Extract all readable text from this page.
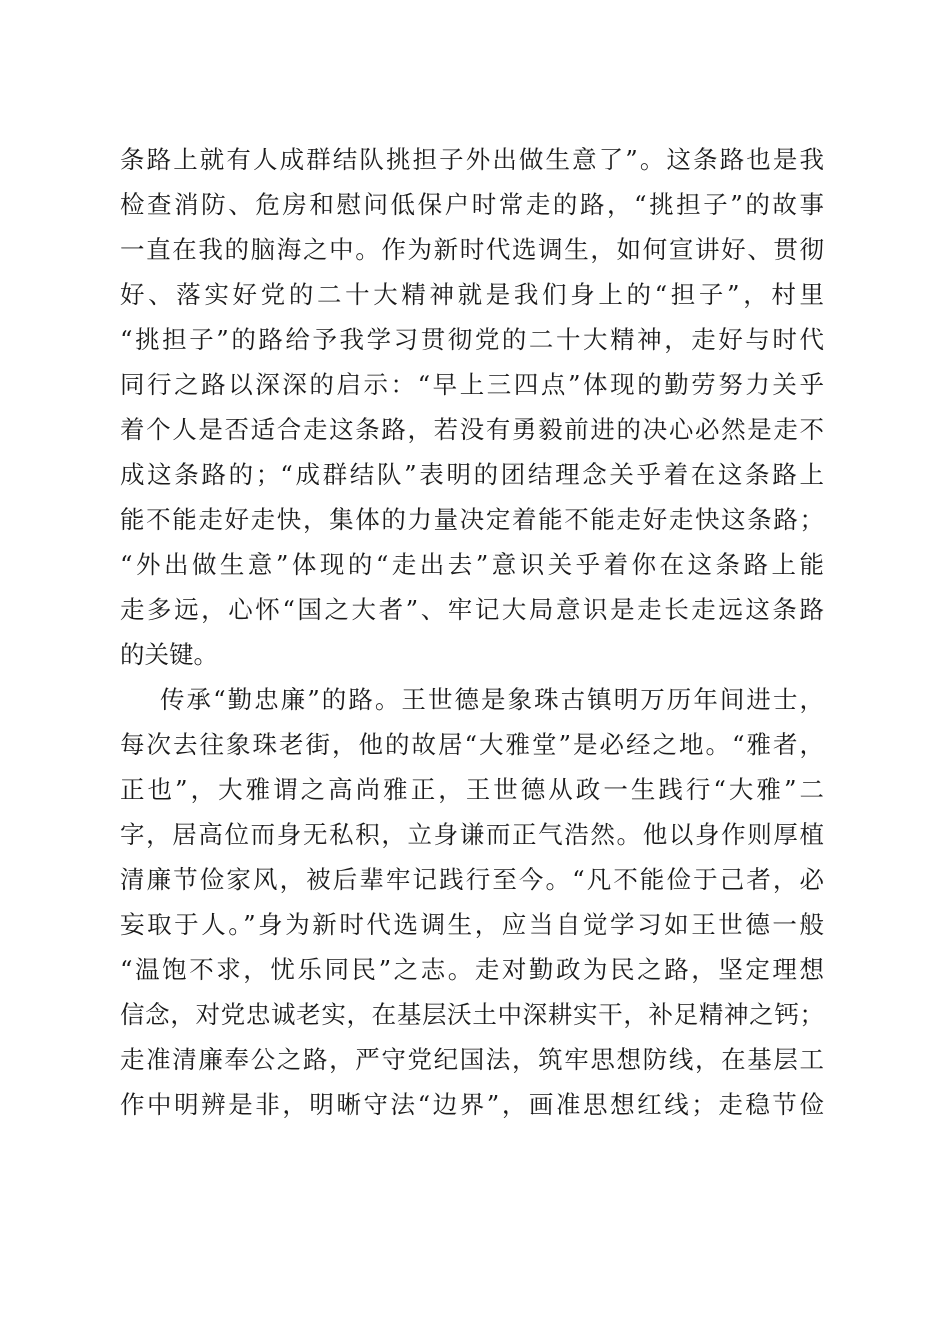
条路上就有人成群结队挑担子外出做生意了”。这条路也是我
检查消防、危房和慰问低保户时常走的路，“挑担子”的故事
一直在我的脑海之中。作为新时代选调生，如何宣讲好、贯彻
好、落实好党的二十大精神就是我们身上的“担子”，村里
“挑担子”的路给予我学习贯彻党的二十大精神，走好与时代
同行之路以深深的启示：“早上三四点”体现的勤劳努力关乎
着个人是否适合走这条路，若没有勇毅前进的决心必然是走不
成这条路的；“成群结队”表明的团结理念关乎着在这条路上
能不能走好走快，集体的力量决定着能不能走好走快这条路；
“外出做生意”体现的“走出去”意识关乎着你在这条路上能
走多远，心怀“国之大者”、牢记大局意识是走长走远这条路
的关键。
传承“勤忠廉”的路。王世德是象珠古镇明万历年间进士，
每次去往象珠老街，他的故居“大雅堂”是必经之地。“雅者，
正也”，大雅谓之高尚雅正，王世德从政一生践行“大雅”二
字，居高位而身无私积，立身谦而正气浩然。他以身作则厚植
清廉节俭家风，被后辈牢记践行至今。“凡不能俭于己者，必
妄取于人。”身为新时代选调生，应当自觉学习如王世德一般
“温饱不求，忧乐同民”之志。走对勤政为民之路，坚定理想
信念，对党忠诚老实，在基层沃土中深耕实干，补足精神之钙；
走准清廉奉公之路，严守党纪国法，筑牢思想防线，在基层工
作中明辨是非，明晰守法“边界”，画准思想红线；走稳节俭
